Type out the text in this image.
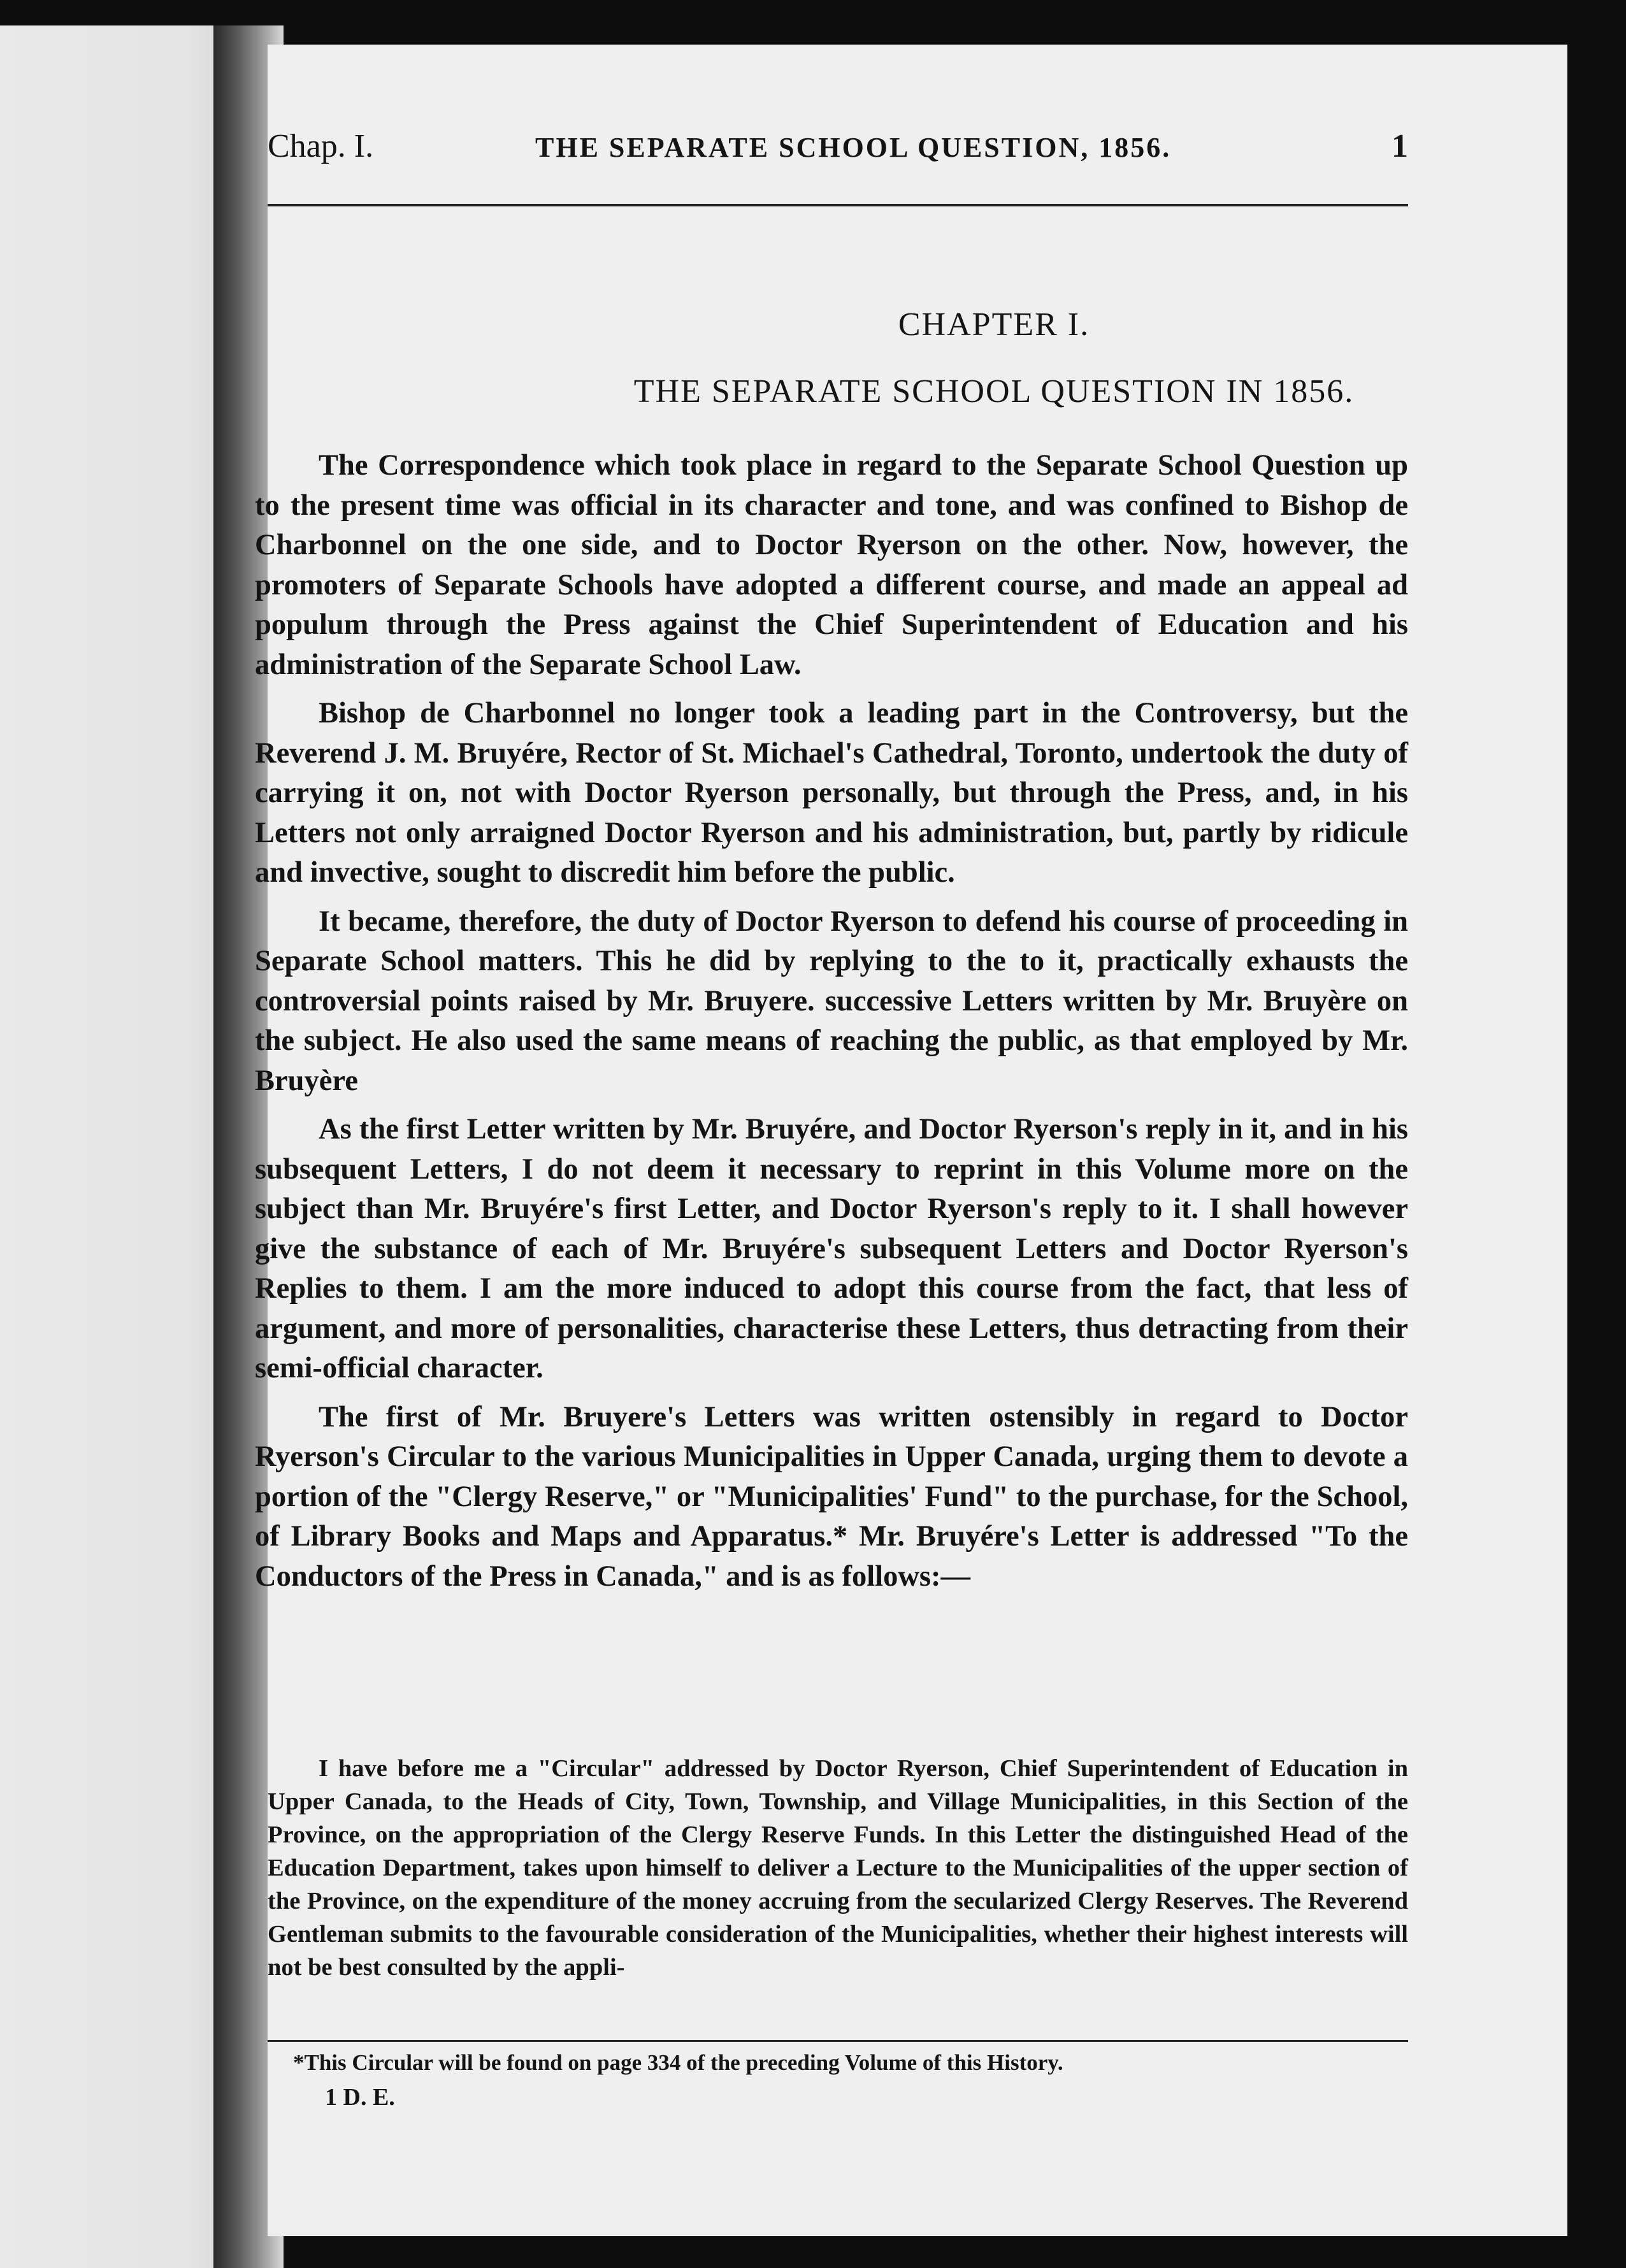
Chap. I.	THE SEPARATE SCHOOL QUESTION, 1856.	1
CHAPTER I.
THE SEPARATE SCHOOL QUESTION IN 1856.

The Correspondence which took place in regard to the Separate School Question up to the present time was official in its character and tone, and was confined to Bishop de Charbonnel on the one side, and to Doctor Ryerson on the other. Now, however, the promoters of Separate Schools have adopted a different course, and made an appeal ad populum through the Press against the Chief Superintendent of Education and his administration of the Separate School Law.

Bishop de Charbonnel no longer took a leading part in the Controversy, but the Reverend J. M. Bruyére, Rector of St. Michael's Cathedral, Toronto, undertook the duty of carrying it on, not with Doctor Ryerson personally, but through the Press, and, in his Letters not only arraigned Doctor Ryerson and his administration, but, partly by ridicule and invective, sought to discredit him before the public.

It became, therefore, the duty of Doctor Ryerson to defend his course of proceeding in Separate School matters. This he did by replying to the to it, practically exhausts the controversial points raised by Mr. Bruyere. successive Letters written by Mr. Bruyère on the subject. He also used the same means of reaching the public, as that employed by Mr. Bruyère

As the first Letter written by Mr. Bruyére, and Doctor Ryerson's reply in it, and in his subsequent Letters, I do not deem it necessary to reprint in this Volume more on the subject than Mr. Bruyére's first Letter, and Doctor Ryerson's reply to it. I shall however give the substance of each of Mr. Bruyére's subsequent Letters and Doctor Ryerson's Replies to them. I am the more induced to adopt this course from the fact, that less of argument, and more of personalities, characterise these Letters, thus detracting from their semi-official character.

The first of Mr. Bruyere's Letters was written ostensibly in regard to Doctor Ryerson's Circular to the various Municipalities in Upper Canada, urging them to devote a portion of the "Clergy Reserve," or "Municipalities' Fund" to the purchase, for the School, of Library Books and Maps and Apparatus.* Mr. Bruyére's Letter is addressed "To the Conductors of the Press in Canada," and is as follows:—

I have before me a "Circular" addressed by Doctor Ryerson, Chief Superintendent of Education in Upper Canada, to the Heads of City, Town, Township, and Village Municipalities, in this Section of the Province, on the appropriation of the Clergy Reserve Funds. In this Letter the distinguished Head of the Education Department, takes upon himself to deliver a Lecture to the Municipalities of the upper section of the Province, on the expenditure of the money accruing from the secularized Clergy Reserves. The Reverend Gentleman submits to the favourable consideration of the Municipalities, whether their highest interests will not be best consulted by the appli-

*This Circular will be found on page 334 of the preceding Volume of this History.
1 D. E.
